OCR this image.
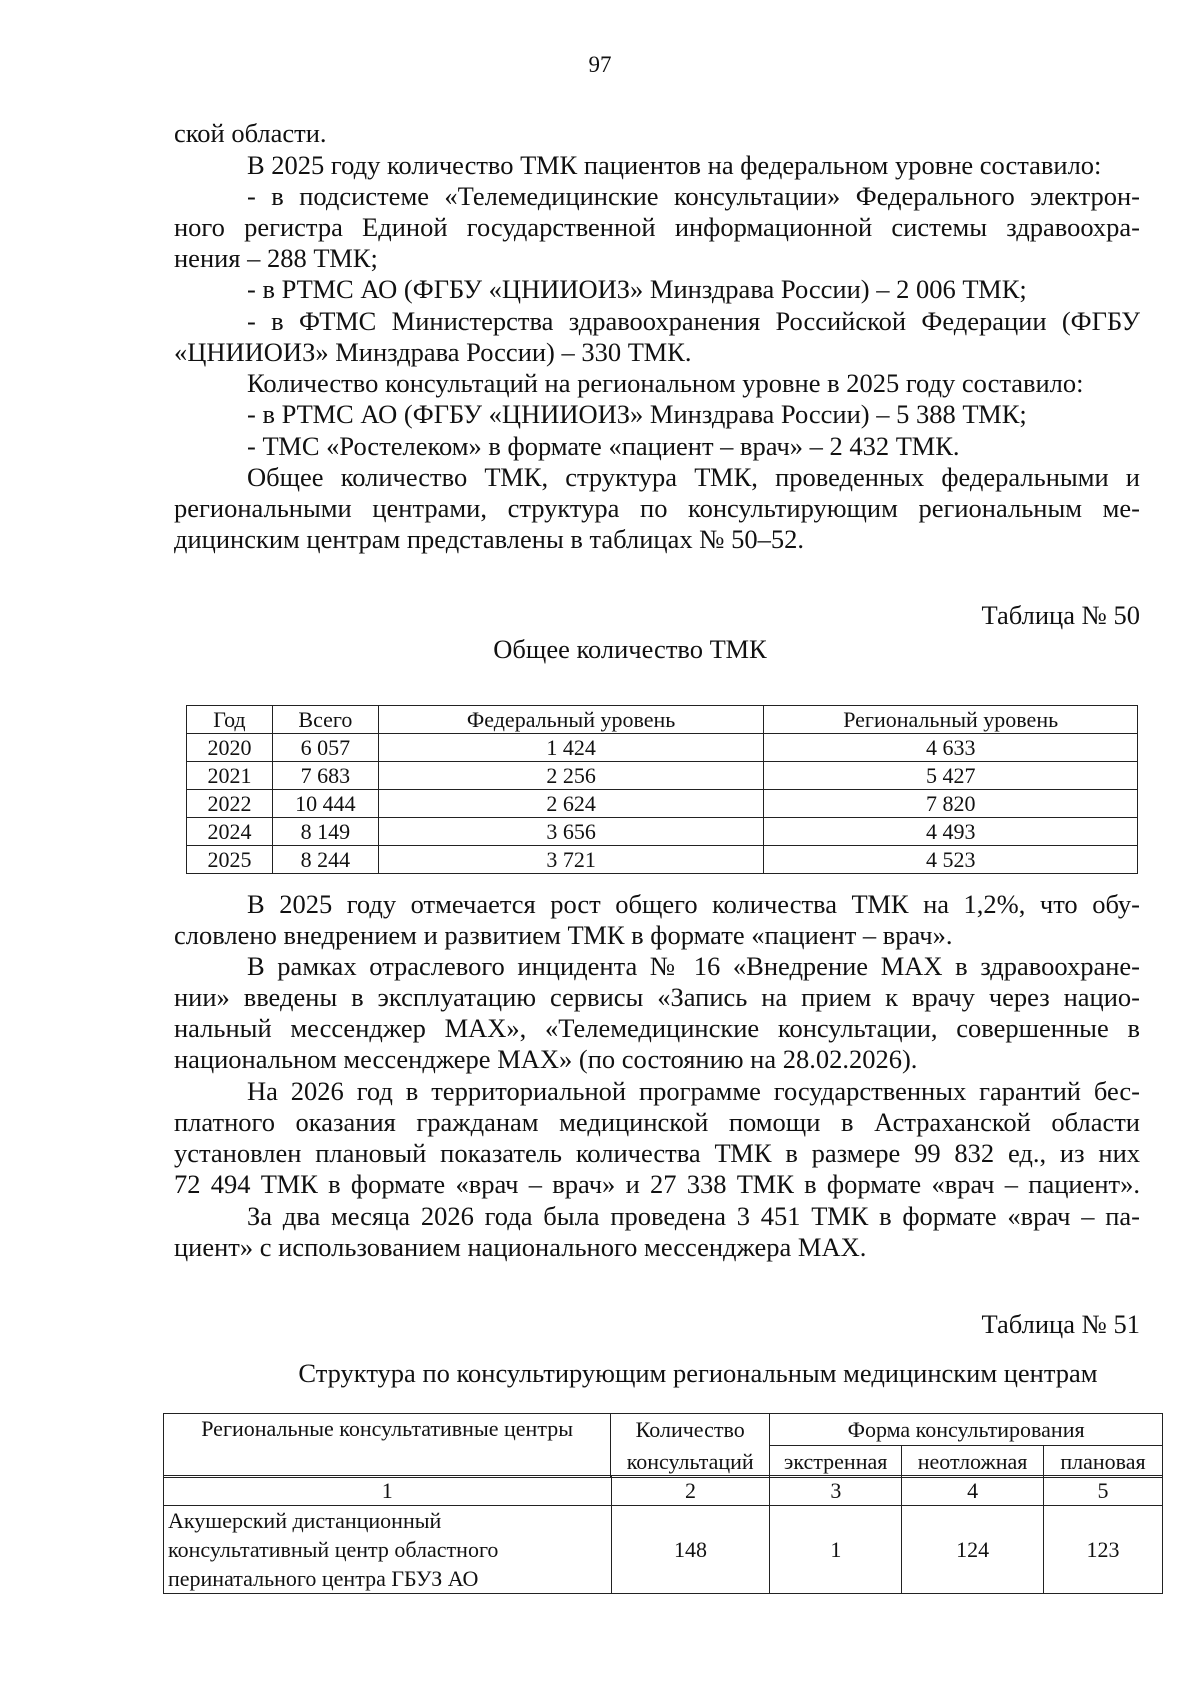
97
ской области.
В 2025 году количество ТМК пациентов на федеральном уровне составило:
- в подсистеме «Телемедицинские консультации» Федерального электрон-
ного регистра Единой государственной информационной системы здравоохра-
нения – 288 ТМК;
- в РТМС АО (ФГБУ «ЦНИИОИЗ» Минздрава России) – 2 006 ТМК;
- в ФТМС Министерства здравоохранения Российской Федерации (ФГБУ
«ЦНИИОИЗ» Минздрава России) – 330 ТМК.
Количество консультаций на региональном уровне в 2025 году составило:
- в РТМС АО (ФГБУ «ЦНИИОИЗ» Минздрава России) – 5 388 ТМК;
- ТМС «Ростелеком» в формате «пациент – врач» – 2 432 ТМК.
Общее количество ТМК, структура ТМК, проведенных федеральными и
региональными центрами, структура по консультирующим региональным ме-
дицинским центрам представлены в таблицах № 50–52.
Таблица № 50
Общее количество ТМК
Год	Всего	Федеральный уровень	Региональный уровень
2020	6 057	1 424	4 633
2021	7 683	2 256	5 427
2022	10 444	2 624	7 820
2024	8 149	3 656	4 493
2025	8 244	3 721	4 523
В 2025 году отмечается рост общего количества ТМК на 1,2%, что обу-
словлено внедрением и развитием ТМК в формате «пациент – врач».
В рамках отраслевого инцидента № 16 «Внедрение MAX в здравоохране-
нии» введены в эксплуатацию сервисы «Запись на прием к врачу через нацио-
нальный мессенджер MAX», «Телемедицинские консультации, совершенные в
национальном мессенджере MAX» (по состоянию на 28.02.2026).
На 2026 год в территориальной программе государственных гарантий бес-
платного оказания гражданам медицинской помощи в Астраханской области
установлен плановый показатель количества ТМК в размере 99 832 ед., из них
72 494 ТМК в формате «врач – врач» и 27 338 ТМК в формате «врач – пациент».
За два месяца 2026 года была проведена 3 451 ТМК в формате «врач – па-
циент» с использованием национального мессенджера MAX.
Таблица № 51
Структура по консультирующим региональным медицинским центрам
Региональные консультативные центры	Количество	Форма консультирования		
	консультаций	экстренная	неотложная	плановая
1	2	3	4	5

Акушерский дистанционный
консультативный центр областного
перинатального центра ГБУЗ АО	148	1	124	123
